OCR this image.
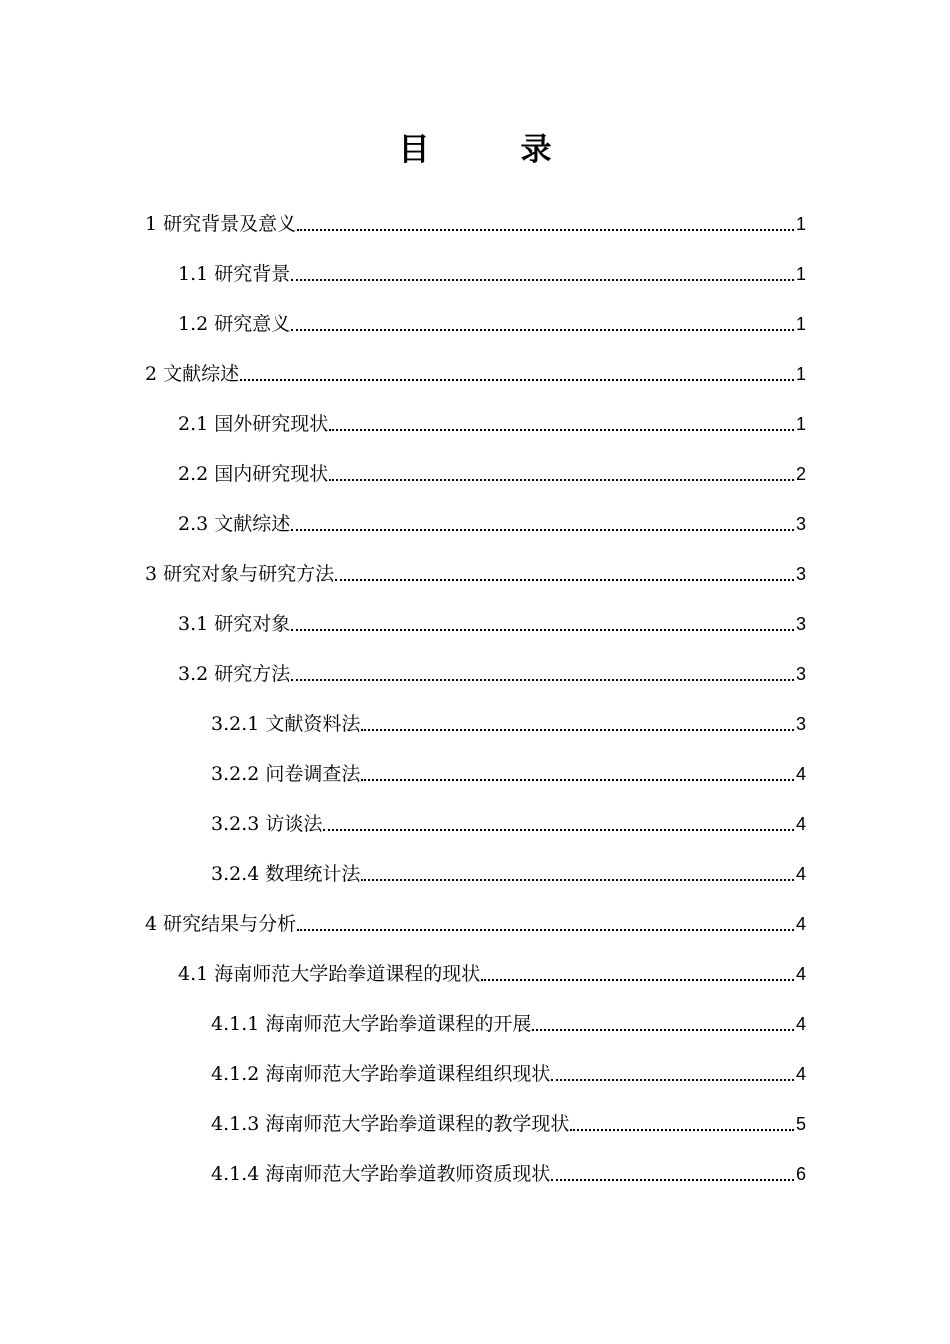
目　录
1 研究背景及意义	1
1.1 研究背景	1
1.2 研究意义	1
2 文献综述	1
2.1 国外研究现状	1
2.2 国内研究现状	2
2.3 文献综述	3
3 研究对象与研究方法	3
3.1 研究对象	3
3.2 研究方法	3
3.2.1 文献资料法	3
3.2.2 问卷调查法	4
3.2.3 访谈法	4
3.2.4 数理统计法	4
4 研究结果与分析	4
4.1 海南师范大学跆拳道课程的现状	4
4.1.1 海南师范大学跆拳道课程的开展	4
4.1.2 海南师范大学跆拳道课程组织现状	4
4.1.3 海南师范大学跆拳道课程的教学现状	5
4.1.4 海南师范大学跆拳道教师资质现状	6
